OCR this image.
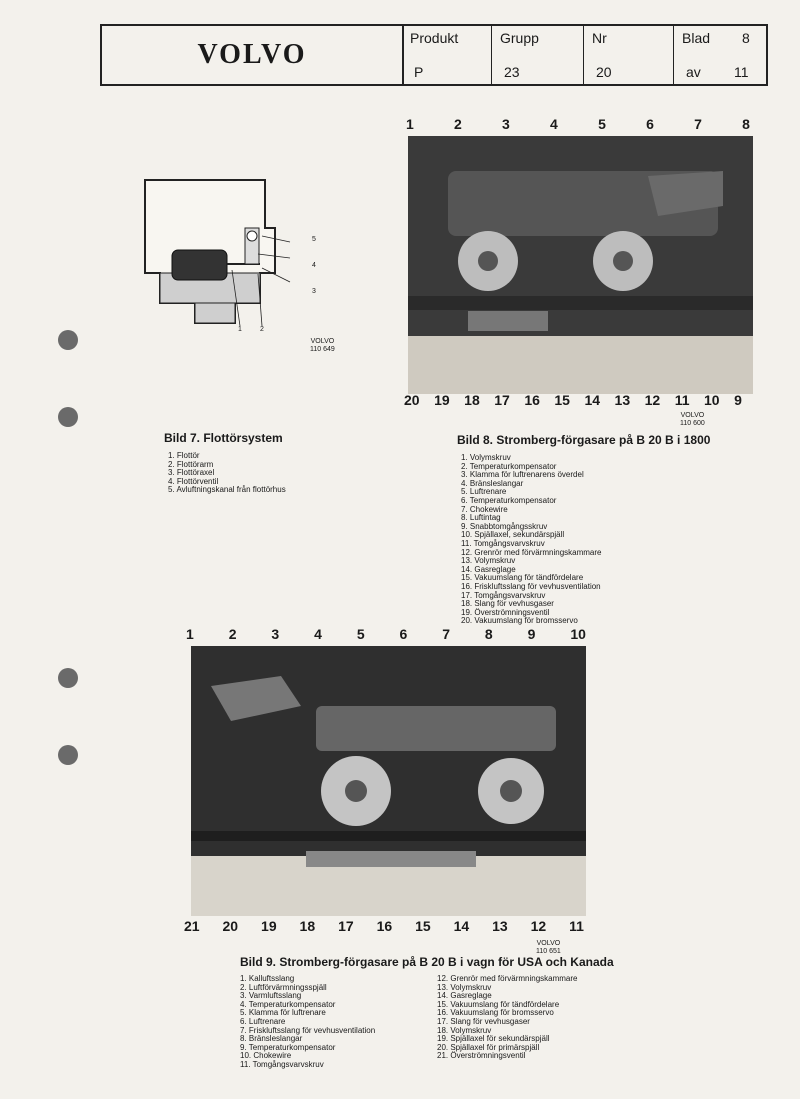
VOLVO
Produkt
P
Grupp
23
Nr
20
Blad 8
av 11
5
4
3
1	2
VOLVO
110 649
1	2	3	4	5	6	7	8
20 19 18 17 16 15 14 13 12 11 10 9
VOLVO
110 600
Bild 7. Flottörsystem
1. Flottör
2. Flottörarm
3. Flottöraxel
4. Flottörventil
5. Avluftningskanal från flottörhus
Bild 8. Stromberg-förgasare på B 20 B i 1800
1. Volymskruv
2. Temperaturkompensator
3. Klamma för luftrenarens överdel
4. Bränsleslangar
5. Luftrenare
6. Temperaturkompensator
7. Chokewire
8. Luftintag
9. Snabbtomgångsskruv
10. Spjällaxel, sekundärspjäll
11. Tomgångsvarvskruv
12. Grenrör med förvärmningskammare
13. Volymskruv
14. Gasreglage
15. Vakuumslang för tändfördelare
16. Friskluftsslang för vevhusventilation
17. Tomgångsvarvskruv
18. Slang för vevhusgaser
19. Överströmningsventil
20. Vakuumslang för bromsservo
1 2 3 4 5 6 7 8 9 10
21 20 19 18 17 16 15 14 13 12 11
VOLVO
110 651
Bild 9. Stromberg-förgasare på B 20 B i vagn för USA och Kanada
1. Kalluftsslang
2. Luftförvärmningsspjäll
3. Varmluftsslang
4. Temperaturkompensator
5. Klamma för luftrenare
6. Luftrenare
7. Friskluftsslang för vevhusventilation
8. Bränsleslangar
9. Temperaturkompensator
10. Chokewire
11. Tomgångsvarvskruv
12. Grenrör med förvärmningskammare
13. Volymskruv
14. Gasreglage
15. Vakuumslang för tändfördelare
16. Vakuumslang för bromsservo
17. Slang för vevhusgaser
18. Volymskruv
19. Spjällaxel för sekundärspjäll
20. Spjällaxel för primärspjäll
21. Överströmningsventil
